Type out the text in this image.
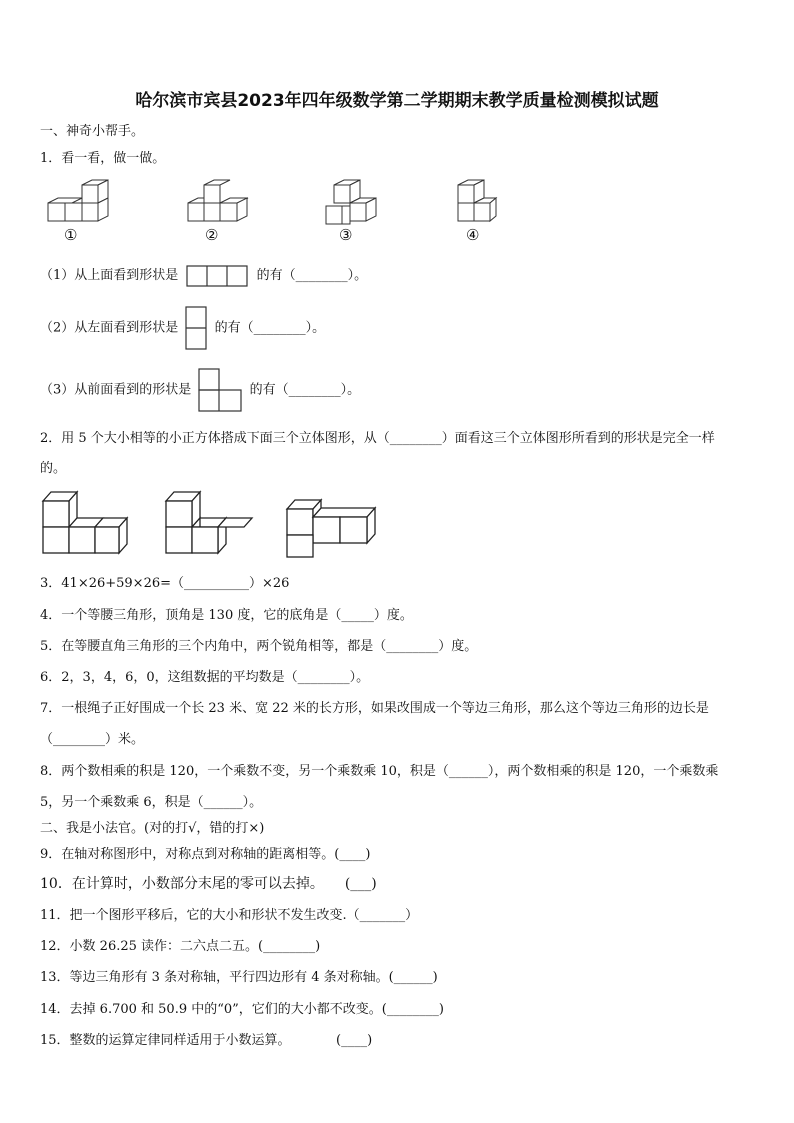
哈尔滨市宾县2023年四年级数学第二学期期末教学质量检测模拟试题
一、神奇小帮手。
1．看一看，做一做。
①	②	③	④
（1）从上面看到形状是	的有（________）。
（2）从左面看到形状是	的有（________）。
（3）从前面看到的形状是	的有（________）。
2．用 5 个大小相等的小正方体搭成下面三个立体图形，从（________）面看这三个立体图形所看到的形状是完全一样
的。
3．41×26+59×26=（__________）×26
4．一个等腰三角形，顶角是 130 度，它的底角是（_____）度。
5．在等腰直角三角形的三个内角中，两个锐角相等，都是（________）度。
6．2，3，4，6，0，这组数据的平均数是（________）。
7．一根绳子正好围成一个长 23 米、宽 22 米的长方形，如果改围成一个等边三角形，那么这个等边三角形的边长是
（________）米。
8．两个数相乘的积是 120，一个乘数不变，另一个乘数乘 10，积是（______），两个数相乘的积是 120，一个乘数乘
5，另一个乘数乘 6，积是（______）。
二、我是小法官。(对的打√，错的打×)
9．在轴对称图形中，对称点到对称轴的距离相等。(____)
10．在计算时，小数部分末尾的零可以去掉。　　(___)
11．把一个图形平移后，它的大小和形状不发生改变.（_______）
12．小数 26.25 读作：二六点二五。(________)
13．等边三角形有 3 条对称轴，平行四边形有 4 条对称轴。(______)
14．去掉 6.700 和 50.9 中的“0”，它们的大小都不改变。(________)
15．整数的运算定律同样适用于小数运算。　　　　(____)
